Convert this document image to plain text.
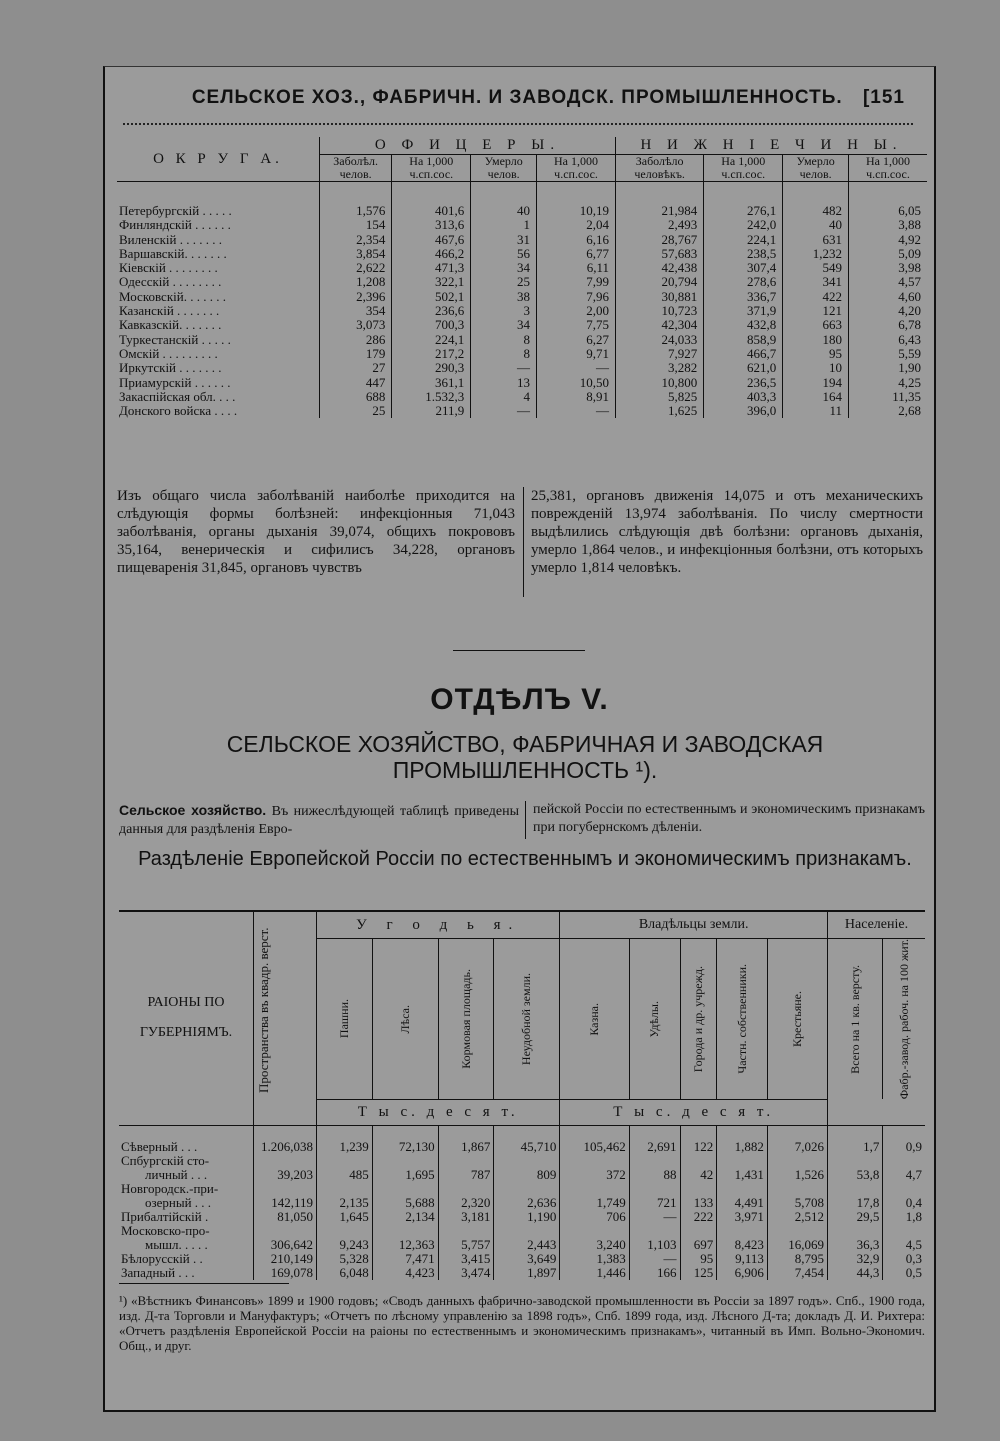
СЕЛЬСКОЕ ХОЗ., ФАБРИЧН. И ЗАВОДСК. ПРОМЫШЛЕННОСТЬ. [151
О К Р У Г А.	О Ф И Ц Е Р Ы.				Н И Ж Н І Е Ч И Н Ы.			
	Заболѣл. челов.	На 1,000 ч.сп.сос.	Умерло челов.	На 1,000 ч.сп.сос.	Заболѣло человѣкъ.	На 1,000 ч.сп.сос.	Умерло челов.	На 1,000 ч.сп.сос.
Петербургскій . . . . .	1,576	401,6	40	10,19	21,984	276,1	482	6,05
Финляндскій . . . . . .	154	313,6	1	2,04	2,493	242,0	40	3,88
Виленскій . . . . . . .	2,354	467,6	31	6,16	28,767	224,1	631	4,92
Варшавскій. . . . . . .	3,854	466,2	56	6,77	57,683	238,5	1,232	5,09
Кіевскій . . . . . . . .	2,622	471,3	34	6,11	42,438	307,4	549	3,98
Одесскій . . . . . . . .	1,208	322,1	25	7,99	20,794	278,6	341	4,57
Московскій. . . . . . .	2,396	502,1	38	7,96	30,881	336,7	422	4,60
Казанскій . . . . . . .	354	236,6	3	2,00	10,723	371,9	121	4,20
Кавказскій. . . . . . .	3,073	700,3	34	7,75	42,304	432,8	663	6,78
Туркестанскій . . . . .	286	224,1	8	6,27	24,033	858,9	180	6,43
Омскій . . . . . . . . .	179	217,2	8	9,71	7,927	466,7	95	5,59
Иркутскій . . . . . . .	27	290,3	—	—	3,282	621,0	10	1,90
Приамурскій . . . . . .	447	361,1	13	10,50	10,800	236,5	194	4,25
Закаспійская обл. . . .	688	1.532,3	4	8,91	5,825	403,3	164	11,35
Донского войска . . . .	25	211,9	—	—	1,625	396,0	11	2,68
Изъ общаго числа заболѣваній наиболѣе приходится на слѣдующія формы болѣзней: инфекціонныя 71,043 заболѣванія, органы дыханія 39,074, общихъ покрововъ 35,164, венерическія и сифилисъ 34,228, органовъ пищеваренія 31,845, органовъ чувствъ
25,381, органовъ движенія 14,075 и отъ механическихъ поврежденій 13,974 заболѣванія. По числу смертности выдѣлились слѣдующія двѣ болѣзни: органовъ дыханія, умерло 1,864 челов., и инфекціонныя болѣзни, отъ которыхъ умерло 1,814 человѣкъ.
ОТДѢЛЪ V.
СЕЛЬСКОЕ ХОЗЯЙСТВО, ФАБРИЧНАЯ И ЗАВОДСКАЯ
ПРОМЫШЛЕННОСТЬ ¹).
Сельское хозяйство. Въ нижеслѣдующей таблицѣ приведены данныя для раздѣленія Евро-
пейской Россіи по естественнымъ и экономическимъ признакамъ при погубернскомъ дѣленіи.
Раздѣленіе Европейской Россіи по естественнымъ и экономическимъ признакамъ.
РАІОНЫ ПО ГУБЕРНІЯМЪ.	Пространства въ квадр. верст.	У г о д ь я.				Владѣльцы земли.					Населеніе.	

		Пашни.	Лѣса.	Кормовая площадь.	Неудобной земли.	Казна.	Удѣлы.	Города и др. учрежд.	Частн. собственники.	Крестьяне.	Всего на 1 кв. версту.	Фабр.-завод. рабоч. на 100 жит.

		Т ы с. д е с я т.				Т ы с. д е с я т.						

Сѣверный . . .	1.206,038	1,239	72,130	1,867	45,710	105,462	2,691	122	1,882	7,026	1,7	0,9

Спбургскій сто-
личный . . .	39,203	485	1,695	787	809	372	88	42	1,431	1,526	53,8	4,7

Новгородск.-при-
озерный . . .	142,119	2,135	5,688	2,320	2,636	1,749	721	133	4,491	5,708	17,8	0,4

Прибалтійскій .	81,050	1,645	2,134	3,181	1,190	706	—	222	3,971	2,512	29,5	1,8

Московско-про-
мышл. . . . .	306,642	9,243	12,363	5,757	2,443	3,240	1,103	697	8,423	16,069	36,3	4,5

Бѣлорусскій . .	210,149	5,328	7,471	3,415	3,649	1,383	—	95	9,113	8,795	32,9	0,3

Западный . . .	169,078	6,048	4,423	3,474	1,897	1,446	166	125	6,906	7,454	44,3	0,5
¹) «Вѣстникъ Финансовъ» 1899 и 1900 годовъ; «Сводъ данныхъ фабрично-заводской промышленности въ Россіи за 1897 годъ». Спб., 1900 года, изд. Д-та Торговли и Мануфактуръ; «Отчетъ по лѣсному управленію за 1898 годъ», Спб. 1899 года, изд. Лѣсного Д-та; докладъ Д. И. Рихтера: «Отчетъ раздѣленія Европейской Россіи на раіоны по естественнымъ и экономическимъ признакамъ», читанный въ Имп. Вольно-Экономич. Общ., и друг.
